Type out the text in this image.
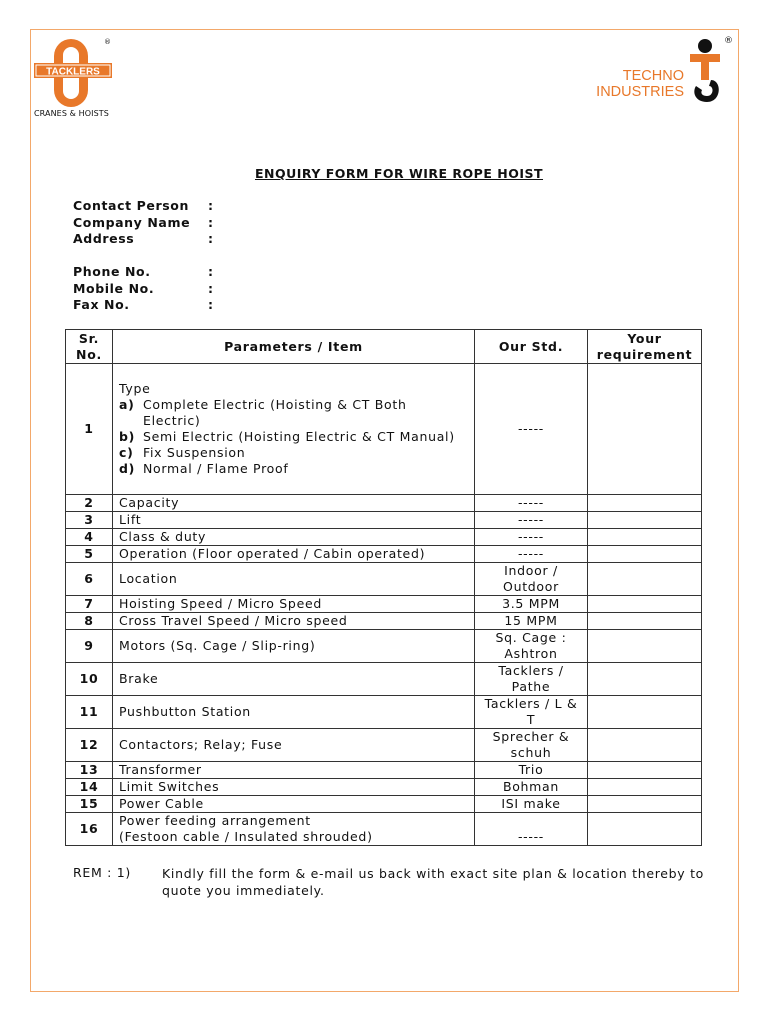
TACKLERS
®
CRANES & HOISTS
®
TECHNO
INDUSTRIES
ENQUIRY FORM FOR WIRE ROPE HOIST
Contact Person :
Company Name :
Address	:
Phone No.	:
Mobile No.	:
Fax No.	:
Sr. No.	Parameters / Item	Our Std.	Your requirement
1	Type
a) Complete Electric (Hoisting & CT Both Electric)
b) Semi Electric (Hoisting Electric & CT Manual)
c) Fix Suspension
d) Normal / Flame Proof	-----	
2	Capacity	-----	
3	Lift	-----	
4	Class & duty	-----	
5	Operation (Floor operated / Cabin operated)	-----	
6	Location	Indoor / Outdoor	
7	Hoisting Speed / Micro Speed	3.5 MPM	
8	Cross Travel Speed / Micro speed	15 MPM	
9	Motors (Sq. Cage / Slip-ring)	Sq. Cage : Ashtron	
10	Brake	Tacklers / Pathe	
11	Pushbutton Station	Tacklers / L & T	
12	Contactors; Relay; Fuse	Sprecher & schuh	
13	Transformer	Trio	
14	Limit Switches	Bohman	
15	Power Cable	ISI make	
16	Power feeding arrangement
(Festoon cable / Insulated shrouded)	-----	
REM : 1) Kindly fill the form & e-mail us back with exact site plan & location thereby to quote you immediately.
